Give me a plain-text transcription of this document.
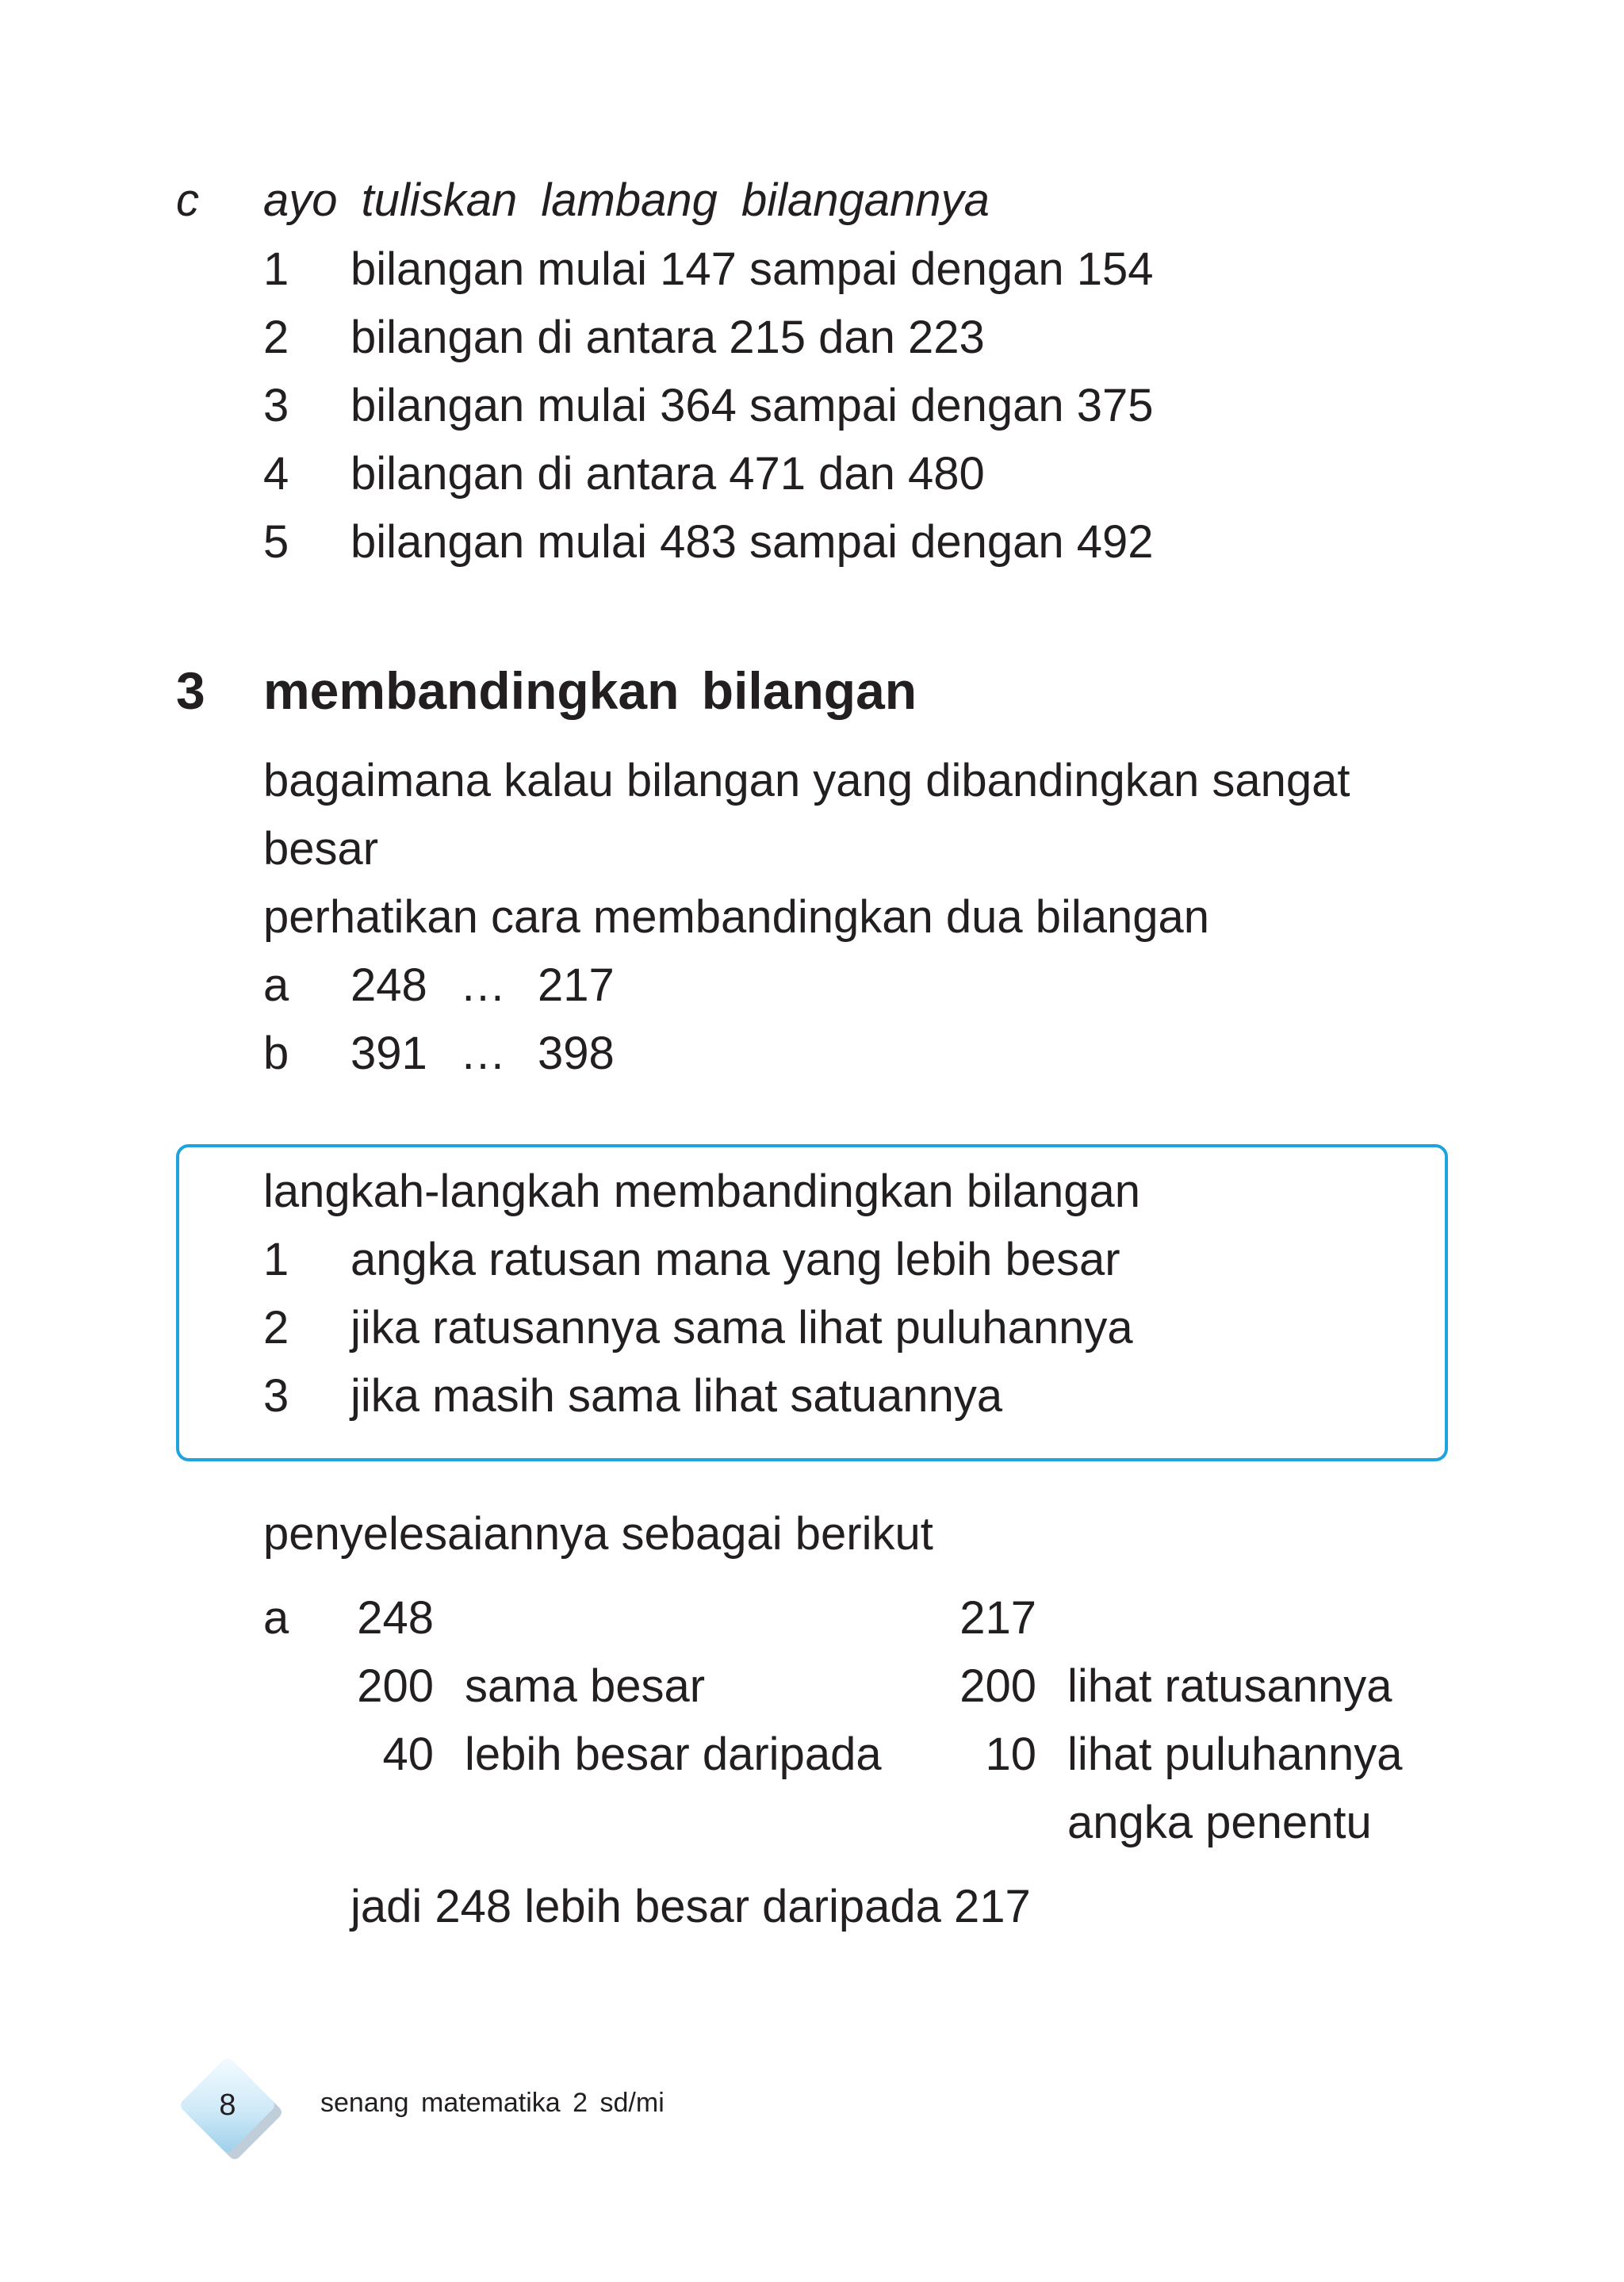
c ayo tuliskan lambang bilangannya
1 bilangan mulai 147 sampai dengan 154
2 bilangan di antara 215 dan 223
3 bilangan mulai 364 sampai dengan 375
4 bilangan di antara 471 dan 480
5 bilangan mulai 483 sampai dengan 492
3 membandingkan bilangan
bagaimana kalau bilangan yang dibandingkan sangat
besar
perhatikan cara membandingkan dua bilangan
a 248 … 217
b 391 … 398
langkah-langkah membandingkan bilangan
1 angka ratusan mana yang lebih besar
2 jika ratusannya sama lihat puluhannya
3 jika masih sama lihat satuannya
penyelesaiannya sebagai berikut
a	248	217
200 sama besar	200 lihat ratusannya
40 lebih besar daripada	10 lihat puluhannya
angka penentu
jadi 248 lebih besar daripada 217
8	senang matematika 2 sd/mi
